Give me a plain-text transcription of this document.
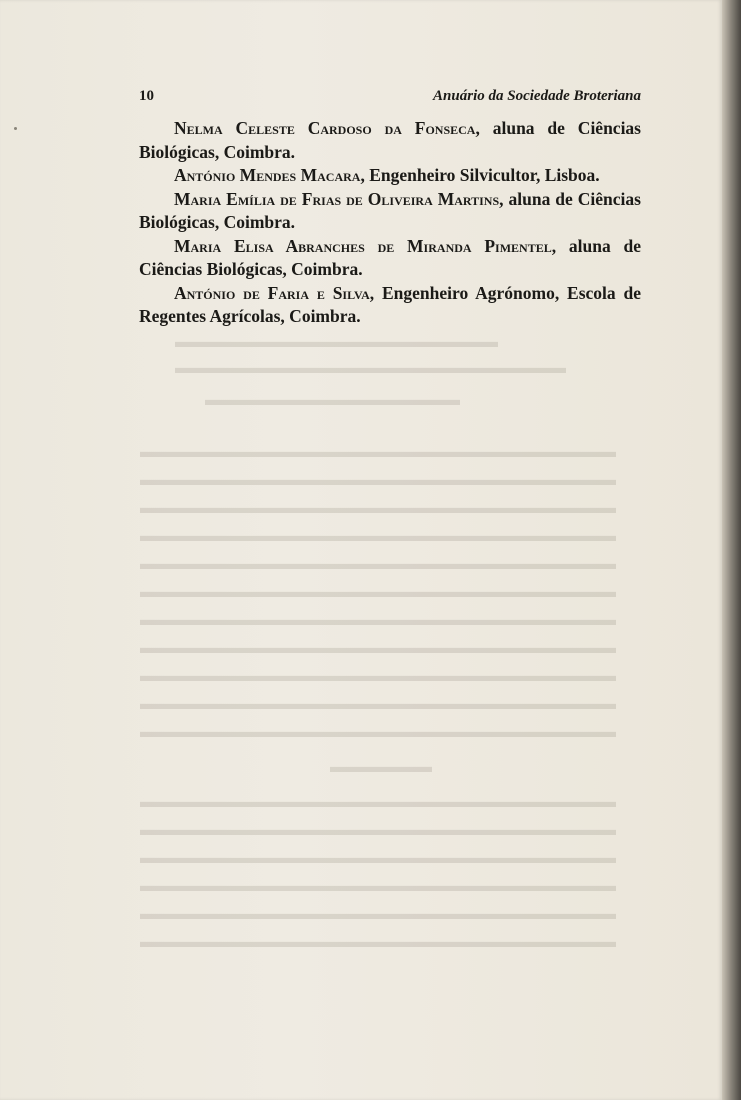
▬▬▬▬▬▬▬▬▬▬▬▬▬▬▬▬▬▬▬
▬▬▬▬▬▬▬▬▬▬▬▬▬▬▬▬▬▬▬▬▬▬▬
▬▬▬▬▬▬▬▬▬▬▬▬▬▬▬
▬▬▬▬▬▬▬▬▬▬▬▬▬▬▬▬▬▬▬▬▬▬▬▬▬▬▬▬
▬▬▬▬▬▬▬▬▬▬▬▬▬▬▬▬▬▬▬▬▬▬▬▬▬▬▬▬
▬▬▬▬▬▬▬▬▬▬▬▬▬▬▬▬▬▬▬▬▬▬▬▬▬▬▬▬
▬▬▬▬▬▬▬▬▬▬▬▬▬▬▬▬▬▬▬▬▬▬▬▬▬▬▬▬
▬▬▬▬▬▬▬▬▬▬▬▬▬▬▬▬▬▬▬▬▬▬▬▬▬▬▬▬
▬▬▬▬▬▬▬▬▬▬▬▬▬▬▬▬▬▬▬▬▬▬▬▬▬▬▬▬
▬▬▬▬▬▬▬▬▬▬▬▬▬▬▬▬▬▬▬▬▬▬▬▬▬▬▬▬
▬▬▬▬▬▬▬▬▬▬▬▬▬▬▬▬▬▬▬▬▬▬▬▬▬▬▬▬
▬▬▬▬▬▬▬▬▬▬▬▬▬▬▬▬▬▬▬▬▬▬▬▬▬▬▬▬
▬▬▬▬▬▬▬▬▬▬▬▬▬▬▬▬▬▬▬▬▬▬▬▬▬▬▬▬
▬▬▬▬▬▬▬▬▬▬▬▬▬▬▬▬▬▬▬▬▬▬▬▬▬▬▬▬
▬▬▬▬▬▬
▬▬▬▬▬▬▬▬▬▬▬▬▬▬▬▬▬▬▬▬▬▬▬▬▬▬▬▬
▬▬▬▬▬▬▬▬▬▬▬▬▬▬▬▬▬▬▬▬▬▬▬▬▬▬▬▬
▬▬▬▬▬▬▬▬▬▬▬▬▬▬▬▬▬▬▬▬▬▬▬▬▬▬▬▬
▬▬▬▬▬▬▬▬▬▬▬▬▬▬▬▬▬▬▬▬▬▬▬▬▬▬▬▬
▬▬▬▬▬▬▬▬▬▬▬▬▬▬▬▬▬▬▬▬▬▬▬▬▬▬▬▬
▬▬▬▬▬▬▬▬▬▬▬▬▬▬▬▬▬▬▬▬▬▬▬▬▬▬▬▬
10	Anuário da Sociedade Broteriana

Nelma Celeste Cardoso da Fonseca, aluna de Ciências Biológicas, Coimbra.

António Mendes Macara, Engenheiro Silvicultor, Lisboa.

Maria Emília de Frias de Oliveira Martins, aluna de Ciências Biológicas, Coimbra.

Maria Elisa Abranches de Miranda Pimentel, aluna de Ciências Biológicas, Coimbra.

António de Faria e Silva, Engenheiro Agrónomo, Escola de Regentes Agrícolas, Coimbra.
